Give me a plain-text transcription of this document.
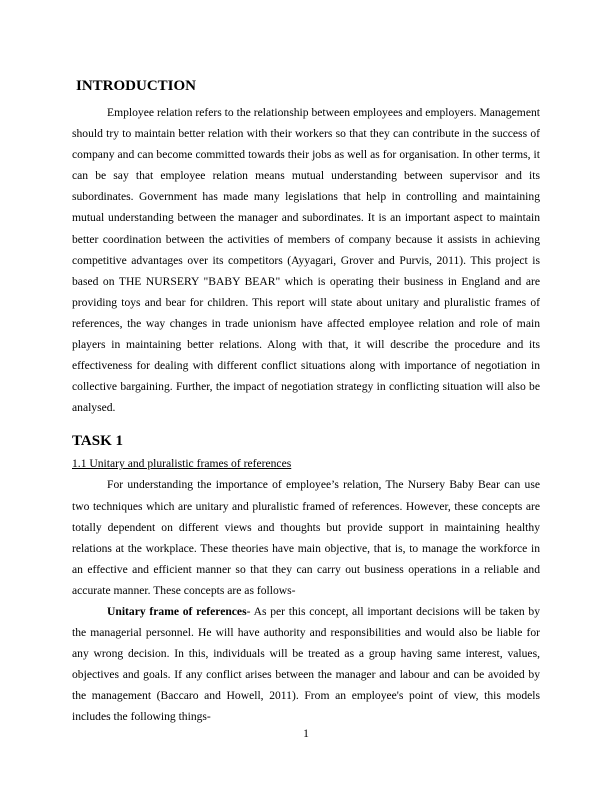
INTRODUCTION

Employee relation refers to the relationship between employees and employers. Management should try to maintain better relation with their workers so that they can contribute in the success of company and can become committed towards their jobs as well as for organisation. In other terms, it can be say that employee relation means mutual understanding between supervisor and its subordinates. Government has made many legislations that help in controlling and maintaining mutual understanding between the manager and subordinates. It is an important aspect to maintain better coordination between the activities of members of company because it assists in achieving competitive advantages over its competitors (Ayyagari, Grover and Purvis, 2011). This project is based on THE NURSERY "BABY BEAR" which is operating their business in England and are providing toys and bear for children. This report will state about unitary and pluralistic frames of references, the way changes in trade unionism have affected employee relation and role of main players in maintaining better relations. Along with that, it will describe the procedure and its effectiveness for dealing with different conflict situations along with importance of negotiation in collective bargaining. Further, the impact of negotiation strategy in conflicting situation will also be analysed.

TASK 1

1.1 Unitary and pluralistic frames of references

For understanding the importance of employee’s relation, The Nursery Baby Bear can use two techniques which are unitary and pluralistic framed of references. However, these concepts are totally dependent on different views and thoughts but provide support in maintaining healthy relations at the workplace. These theories have main objective, that is, to manage the workforce in an effective and efficient manner so that they can carry out business operations in a reliable and accurate manner. These concepts are as follows-

Unitary frame of references- As per this concept, all important decisions will be taken by the managerial personnel. He will have authority and responsibilities and would also be liable for any wrong decision. In this, individuals will be treated as a group having same interest, values, objectives and goals. If any conflict arises between the manager and labour and can be avoided by the management (Baccaro and Howell, 2011). From an employee's point of view, this models includes the following things-

1
